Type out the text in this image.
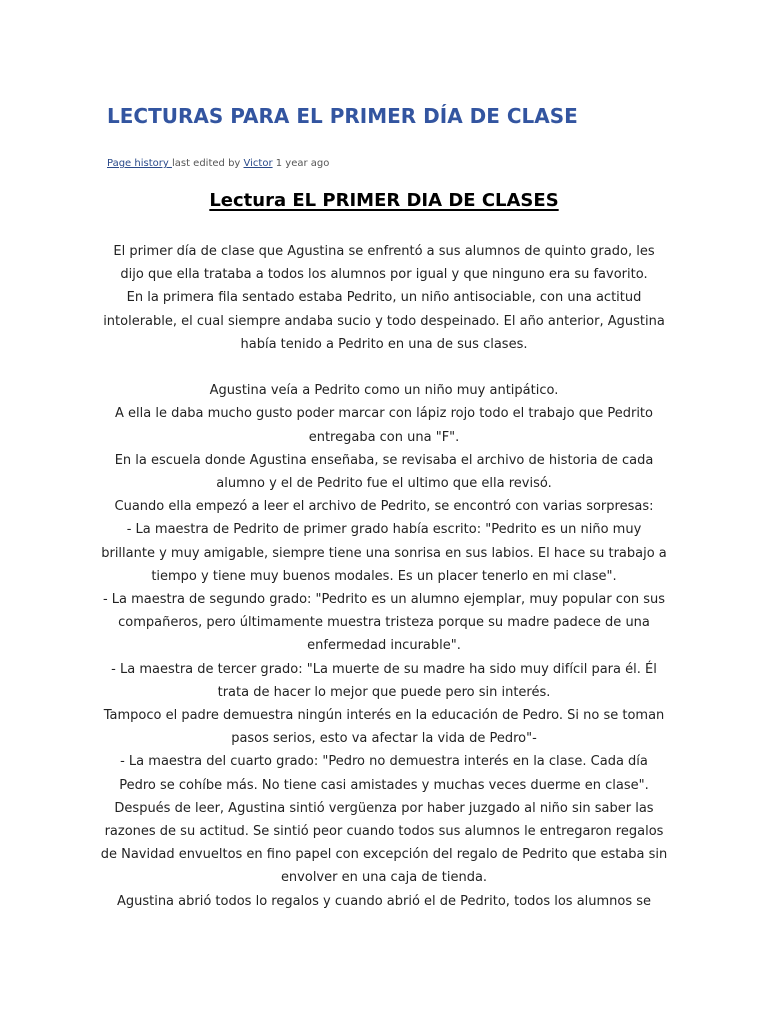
LECTURAS PARA EL PRIMER DÍA DE CLASE
Page history last edited by Victor 1 year ago
Lectura EL PRIMER DIA DE CLASES

El primer día de clase que Agustina se enfrentó a sus alumnos de quinto grado, les dijo que ella trataba a todos los alumnos por igual y que ninguno era su favorito.

En la primera fila sentado estaba Pedrito, un niño antisociable, con una actitud intolerable, el cual siempre andaba sucio y todo despeinado. El año anterior, Agustina había tenido a Pedrito en una de sus clases.

Agustina veía a Pedrito como un niño muy antipático.

A ella le daba mucho gusto poder marcar con lápiz rojo todo el trabajo que Pedrito entregaba con una "F".

En la escuela donde Agustina enseñaba, se revisaba el archivo de historia de cada alumno y el de Pedrito fue el ultimo que ella revisó.

Cuando ella empezó a leer el archivo de Pedrito, se encontró con varias sorpresas:

- La maestra de Pedrito de primer grado había escrito: "Pedrito es un niño muy brillante y muy amigable, siempre tiene una sonrisa en sus labios. El hace su trabajo a tiempo y tiene muy buenos modales. Es un placer tenerlo en mi clase".

- La maestra de segundo grado: "Pedrito es un alumno ejemplar, muy popular con sus compañeros, pero últimamente muestra tristeza porque su madre padece de una enfermedad incurable".

- La maestra de tercer grado: "La muerte de su madre ha sido muy difícil para él. Él trata de hacer lo mejor que puede pero sin interés.

Tampoco el padre demuestra ningún interés en la educación de Pedro. Si no se toman pasos serios, esto va afectar la vida de Pedro"-

- La maestra del cuarto grado: "Pedro no demuestra interés en la clase. Cada día Pedro se cohíbe más. No tiene casi amistades y muchas veces duerme en clase".

Después de leer, Agustina sintió vergüenza por haber juzgado al niño sin saber las razones de su actitud. Se sintió peor cuando todos sus alumnos le entregaron regalos de Navidad envueltos en fino papel con excepción del regalo de Pedrito que estaba sin envolver en una caja de tienda.

Agustina abrió todos lo regalos y cuando abrió el de Pedrito, todos los alumnos se
